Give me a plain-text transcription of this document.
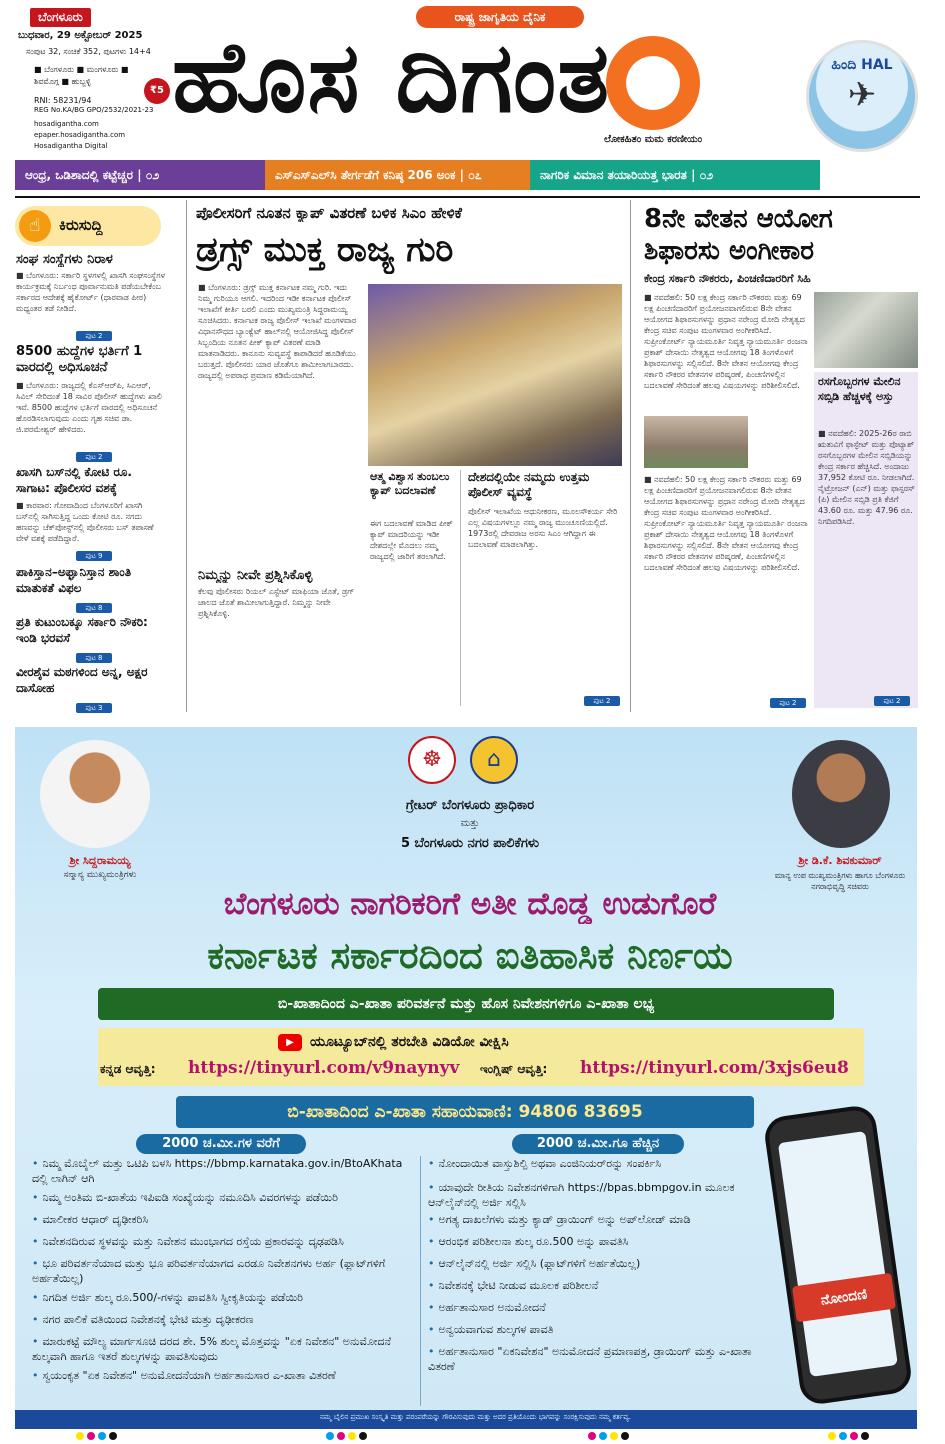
ಬೆಂಗಳೂರು
ಬುಧವಾರ, 29 ಅಕ್ಟೋಬರ್ 2025
ಸಂಪುಟ 32, ಸಂಚಿಕೆ 352, ಪುಟಗಳು 14+4
■ ಬೆಂಗಳೂರು ■ ಮಂಗಳೂರು ■ ಶಿವಮೊಗ್ಗ ■ ಹುಬ್ಬಳ್ಳಿ
₹5
RNI: 58231/94
REG No.KA/BG GPO/2532/2021-23
hosadigantha.com
epaper.hosadigantha.com
Hosadigantha Digital
ರಾಷ್ಟ್ರ ಜಾಗೃತಿಯ ದೈನಿಕ
ಹೊಸ ದಿಗಂತ
ಲೋಕಹಿತಂ ಮಮ ಕರಣೀಯಂ
ಹಿಂದಿ HAL
✈
ಆಂಧ್ರ, ಒಡಿಶಾದಲ್ಲಿ ಕಟ್ಟೆಚ್ಚರ | ೦೨	ಎಸ್ಎಸ್ಎಲ್‌ಸಿ ತೇರ್ಗಡೆಗೆ ಕನಿಷ್ಠ 206 ಅಂಕ | ೦೭	ನಾಗರಿಕ ವಿಮಾನ ತಯಾರಿಯತ್ತ ಭಾರತ | ೦೨
☝	ಕಿರುಸುದ್ದಿ
ಸಂಘ ಸಂಸ್ಥೆಗಳು ನಿರಾಳ
■ ಬೆಂಗಳೂರು: ಸರ್ಕಾರಿ ಸ್ಥಳಗಳಲ್ಲಿ ಖಾಸಗಿ ಸಂಘಸಂಸ್ಥೆಗಳ ಕಾರ್ಯಕ್ರಮಕ್ಕೆ ನಿರ್ಬಂಧ ಪೂರ್ವಾನುಮತಿ ಪಡೆಯಬೇಕೆಂಬ ಸರ್ಕಾರದ ಆದೇಶಕ್ಕೆ ಹೈಕೋರ್ಟ್ (ಧಾರವಾಡ ಪೀಠ) ಮಧ್ಯಂತರ ತಡೆ ನೀಡಿದೆ.
ಪುಟ 2
8500 ಹುದ್ದೆಗಳ ಭರ್ತಿಗೆ 1 ವಾರದಲ್ಲಿ ಅಧಿಸೂಚನೆ
■ ಬೆಂಗಳೂರು: ರಾಜ್ಯದಲ್ಲಿ ಕೆಎಸ್‌ಆರ್‌ಪಿ, ಸಿಎಆರ್, ಸಿವಿಲ್ ಸೇರಿದಂತೆ 18 ಸಾವಿರ ಪೊಲೀಸ್ ಹುದ್ದೆಗಳು ಖಾಲಿ ಇವೆ. 8500 ಹುದ್ದೆಗಳ ಭರ್ತಿಗೆ ವಾರದಲ್ಲಿ ಅಧಿಸೂಚನೆ ಹೊರಡಿಸಲಾಗುವುದು ಎಂದು ಗೃಹ ಸಚಿವ ಡಾ. ಜಿ.ಪರಮೇಶ್ವರ್ ಹೇಳಿದರು.
ಪುಟ 2
ಖಾಸಗಿ ಬಸ್‌ನಲ್ಲಿ ಕೋಟಿ ರೂ. ಸಾಗಾಟ: ಪೊಲೀಸರ ವಶಕ್ಕೆ
■ ಕಾರವಾರ: ಗೋವಾದಿಂದ ಬೆಂಗಳೂರಿಗೆ ಖಾಸಗಿ ಬಸ್‌ನಲ್ಲಿ ಸಾಗಿಸುತ್ತಿದ್ದ ಒಂದು ಕೋಟಿ ರೂ. ನಗದು ಹಣವನ್ನು ಚೆಕ್‌ಪೋಸ್ಟ್‌ನಲ್ಲಿ ಪೊಲೀಸರು ಬಸ್ ತಪಾಸಣೆ ವೇಳೆ ವಶಕ್ಕೆ ಪಡೆದಿದ್ದಾರೆ.
ಪುಟ 9
ಪಾಕಿಸ್ತಾನ–ಅಫ್ಘಾನಿಸ್ತಾನ ಶಾಂತಿ ಮಾತುಕತೆ ವಿಫಲ
ಪುಟ 8
ಪ್ರತಿ ಕುಟುಂಬಕ್ಕೂ ಸರ್ಕಾರಿ ನೌಕರಿ: ಇಂಡಿ ಭರವಸೆ
ಪುಟ 8
ವೀರಶೈವ ಮಠಗಳಿಂದ ಅನ್ನ, ಅಕ್ಷರ ದಾಸೋಹ
ಪುಟ 3
ಪೊಲೀಸರಿಗೆ ನೂತನ ಕ್ಯಾಪ್ ವಿತರಣೆ ಬಳಿಕ ಸಿಎಂ ಹೇಳಿಕೆ
ಡ್ರಗ್ಸ್ ಮುಕ್ತ ರಾಜ್ಯ ಗುರಿ
■ ಬೆಂಗಳೂರು: ಡ್ರಗ್ಸ್ ಮುಕ್ತ ಕರ್ನಾಟಕ ನಮ್ಮ ಗುರಿ. ಇದು ನಿಮ್ಮ ಗುರಿಯೂ ಆಗಲಿ. ಇದರಿಂದ ಇಡೀ ಕರ್ನಾಟಕ ಪೊಲೀಸ್ ಇಲಾಖೆಗೆ ಕೀರ್ತಿ ಬರಲಿ ಎಂದು ಮುಖ್ಯಮಂತ್ರಿ ಸಿದ್ದರಾಮಯ್ಯ ಸೂಚಿಸಿದರು. ಕರ್ನಾಟಕ ರಾಜ್ಯ ಪೊಲೀಸ್ ಇಲಾಖೆ ಮಂಗಳವಾರ ವಿಧಾನಸೌಧದ ಬ್ಯಾಂಕ್ವೆಟ್ ಹಾಲ್‌ನಲ್ಲಿ ಆಯೋಜಿಸಿದ್ದ ಪೊಲೀಸ್ ಸಿಬ್ಬಂದಿಯ ನೂತನ ಪೀಕ್ ಕ್ಯಾಪ್ ವಿತರಣೆ ಮಾಡಿ ಮಾತನಾಡಿದರು. ಕಾನೂನು ಸುವ್ಯವಸ್ಥೆ ಕಾಪಾಡಿದರೆ ಹೂಡಿಕೆಯು ಬರುತ್ತದೆ. ಪೊಲೀಸರು ಯಾರ ಜೊತೆಗೂ ಶಾಮೀಲಾಗಬಾರದು. ರಾಜ್ಯದಲ್ಲಿ ಅಪರಾಧ ಪ್ರಮಾಣ ಕಡಿಮೆಯಾಗಿದೆ.
ಆತ್ಮ ವಿಶ್ವಾಸ ತುಂಬಲು ಕ್ಯಾಪ್ ಬದಲಾವಣೆ
ಈಗ ಬದಲಾವಣೆ ಮಾಡಿದ ಪೀಕ್ ಕ್ಯಾಪ್ ಮಾದರಿಯನ್ನು ಇಡೀ ದೇಶದಲ್ಲೇ ಮೊದಲು ನಮ್ಮ ರಾಜ್ಯದಲ್ಲಿ ಜಾರಿಗೆ ತರಲಾಗಿದೆ.
ದೇಶದಲ್ಲಿಯೇ ನಮ್ಮದು ಉತ್ತಮ ಪೊಲೀಸ್ ವ್ಯವಸ್ಥೆ
ಪೊಲೀಸ್ ಇಲಾಖೆಯ ಆಧುನೀಕರಣ, ಮೂಲಸೌಕರ್ಯ ಸೇರಿ ಎಲ್ಲ ವಿಷಯಗಳಲ್ಲೂ ನಮ್ಮ ರಾಜ್ಯ ಮುಂಚೂಣಿಯಲ್ಲಿದೆ. 1973ರಲ್ಲಿ ದೇವರಾಜ ಅರಸು ಸಿಎಂ ಆಗಿದ್ದಾಗ ಈ ಬದಲಾವಣೆ ಮಾಡಲಾಗಿತ್ತು.
ಪುಟ 2
ನಿಮ್ಮನ್ನು ನೀವೇ ಪ್ರಶ್ನಿಸಿಕೊಳ್ಳಿ
ಕೆಲವು ಪೊಲೀಸರು ರಿಯಲ್ ಎಸ್ಟೇಟ್ ಮಾಫಿಯಾ ಜೊತೆ, ಡ್ರಗ್ ಜಾಲದ ಜೊತೆ ಶಾಮೀಲಾಗುತ್ತಿದ್ದಾರೆ. ನಿಮ್ಮನ್ನು ನೀವೇ ಪ್ರಶ್ನಿಸಿಕೊಳ್ಳಿ.
8ನೇ ವೇತನ ಆಯೋಗ
ಶಿಫಾರಸು ಅಂಗೀಕಾರ
ಕೇಂದ್ರ ಸರ್ಕಾರಿ ನೌಕರರು, ಪಿಂಚಣಿದಾರರಿಗೆ ಸಿಹಿ
■ ನವದೆಹಲಿ: 50 ಲಕ್ಷ ಕೇಂದ್ರ ಸರ್ಕಾರಿ ನೌಕರರು ಮತ್ತು 69 ಲಕ್ಷ ಪಿಂಚಣಿದಾರರಿಗೆ ಪ್ರಯೋಜನವಾಗಲಿರುವ 8ನೇ ವೇತನ ಆಯೋಗದ ಶಿಫಾರಸುಗಳನ್ನು ಪ್ರಧಾನ ನರೇಂದ್ರ ಮೋದಿ ನೇತೃತ್ವದ ಕೇಂದ್ರ ಸಚಿವ ಸಂಪುಟ ಮಂಗಳವಾರ ಅಂಗೀಕರಿಸಿದೆ. ಸುಪ್ರೀಂಕೋರ್ಟ್ ನ್ಯಾಯಮೂರ್ತಿ ನಿವೃತ್ತ ನ್ಯಾಯಮೂರ್ತಿ ರಂಜನಾ ಪ್ರಕಾಶ್ ದೇಸಾಯಿ ನೇತೃತ್ವದ ಆಯೋಗವು 18 ತಿಂಗಳೊಳಗೆ ಶಿಫಾರಸುಗಳನ್ನು ಸಲ್ಲಿಸಲಿದೆ. 8ನೇ ವೇತನ ಆಯೋಗವು ಕೇಂದ್ರ ಸರ್ಕಾರಿ ನೌಕರರ ವೇತನಗಳ ಪರಿಷ್ಕರಣೆ, ಪಿಂಚಣಿಗಳಲ್ಲಿನ ಬದಲಾವಣೆ ಸೇರಿದಂತೆ ಹಲವು ವಿಷಯಗಳನ್ನು ಪರಿಶೀಲಿಸಲಿದೆ.
■ ನವದೆಹಲಿ: 50 ಲಕ್ಷ ಕೇಂದ್ರ ಸರ್ಕಾರಿ ನೌಕರರು ಮತ್ತು 69 ಲಕ್ಷ ಪಿಂಚಣಿದಾರರಿಗೆ ಪ್ರಯೋಜನವಾಗಲಿರುವ 8ನೇ ವೇತನ ಆಯೋಗದ ಶಿಫಾರಸುಗಳನ್ನು ಪ್ರಧಾನ ನರೇಂದ್ರ ಮೋದಿ ನೇತೃತ್ವದ ಕೇಂದ್ರ ಸಚಿವ ಸಂಪುಟ ಮಂಗಳವಾರ ಅಂಗೀಕರಿಸಿದೆ. ಸುಪ್ರೀಂಕೋರ್ಟ್ ನ್ಯಾಯಮೂರ್ತಿ ನಿವೃತ್ತ ನ್ಯಾಯಮೂರ್ತಿ ರಂಜನಾ ಪ್ರಕಾಶ್ ದೇಸಾಯಿ ನೇತೃತ್ವದ ಆಯೋಗವು 18 ತಿಂಗಳೊಳಗೆ ಶಿಫಾರಸುಗಳನ್ನು ಸಲ್ಲಿಸಲಿದೆ. 8ನೇ ವೇತನ ಆಯೋಗವು ಕೇಂದ್ರ ಸರ್ಕಾರಿ ನೌಕರರ ವೇತನಗಳ ಪರಿಷ್ಕರಣೆ, ಪಿಂಚಣಿಗಳಲ್ಲಿನ ಬದಲಾವಣೆ ಸೇರಿದಂತೆ ಹಲವು ವಿಷಯಗಳನ್ನು ಪರಿಶೀಲಿಸಲಿದೆ.
ಪುಟ 2
ರಸಗೊಬ್ಬರಗಳ ಮೇಲಿನ ಸಬ್ಸಿಡಿ ಹೆಚ್ಚಳಕ್ಕೆ ಅಸ್ತು
■ ನವದೆಹಲಿ: 2025-26ರ ರಾಬಿ ಋತುವಿಗೆ ಫಾಸ್ಫೇಟ್ ಮತ್ತು ಪೊಟ್ಯಾಶ್ ರಸಗೊಬ್ಬರಗಳ ಮೇಲಿನ ಸಬ್ಸಿಡಿಯನ್ನು ಕೇಂದ್ರ ಸರ್ಕಾರ ಹೆಚ್ಚಿಸಿದೆ. ಅಂದಾಜು 37,952 ಕೋಟಿ ರೂ. ನೀಡಲಾಗಿದೆ. ನೈಟ್ರೋಜನ್ (ಎನ್) ಮತ್ತು ಫಾಸ್ಫರಸ್ (ಪಿ) ಮೇಲಿನ ಸಬ್ಸಿಡಿ ಪ್ರತಿ ಕೆಜಿಗೆ 43.60 ರೂ. ಮತ್ತು 47.96 ರೂ. ನಿಗದಿಪಡಿಸಿದೆ.
ಪುಟ 2
☸	⌂
ಗ್ರೇಟರ್ ಬೆಂಗಳೂರು ಪ್ರಾಧಿಕಾರ
ಮತ್ತು
5 ಬೆಂಗಳೂರು ನಗರ ಪಾಲಿಕೆಗಳು
ಶ್ರೀ ಸಿದ್ದರಾಮಯ್ಯ
ಸನ್ಮಾನ್ಯ ಮುಖ್ಯಮಂತ್ರಿಗಳು
ಶ್ರೀ ಡಿ.ಕೆ. ಶಿವಕುಮಾರ್
ಮಾನ್ಯ ಉಪ ಮುಖ್ಯಮಂತ್ರಿಗಳು ಹಾಗೂ ಬೆಂಗಳೂರು ನಗರಾಭಿವೃದ್ಧಿ ಸಚಿವರು
ಬೆಂಗಳೂರು ನಾಗರಿಕರಿಗೆ ಅತೀ ದೊಡ್ಡ ಉಡುಗೊರೆ
ಕರ್ನಾಟಕ ಸರ್ಕಾರದಿಂದ ಐತಿಹಾಸಿಕ ನಿರ್ಣಯ
ಬಿ-ಖಾತಾದಿಂದ ಎ-ಖಾತಾ ಪರಿವರ್ತನೆ ಮತ್ತು ಹೊಸ ನಿವೇಶನಗಳಿಗೂ ಎ-ಖಾತಾ ಲಭ್ಯ
▶	ಯೂಟ್ಯೂಬ್‌ನಲ್ಲಿ ತರಬೇತಿ ವಿಡಿಯೋ ವೀಕ್ಷಿಸಿ
ಕನ್ನಡ ಆವೃತ್ತಿ: https://tinyurl.com/v9naynyv ಇಂಗ್ಲಿಷ್ ಆವೃತ್ತಿ: https://tinyurl.com/3xjs6eu8
ಬಿ-ಖಾತಾದಿಂದ ಎ-ಖಾತಾ ಸಹಾಯವಾಣಿ: 94806 83695
2000 ಚ.ಮೀ.ಗಳ ವರೆಗೆ	2000 ಚ.ಮೀ.ಗೂ ಹೆಚ್ಚಿನ
• ನಿಮ್ಮ ಮೊಬೈಲ್ ಮತ್ತು ಒಟಿಪಿ ಬಳಸಿ https://bbmp.karnataka.gov.in/BtoAKhata ದಲ್ಲಿ ಲಾಗಿನ್ ಆಗಿ
• ನಿಮ್ಮ ಅಂತಿಮ ಬಿ-ಖಾತೆಯ ಇಪಿಐಡಿ ಸಂಖ್ಯೆಯನ್ನು ನಮೂದಿಸಿ ವಿವರಗಳನ್ನು ಪಡೆಯಿರಿ
• ಮಾಲೀಕರ ಆಧಾರ್ ದೃಢೀಕರಿಸಿ
• ನಿವೇಶನದಿರುವ ಸ್ಥಳವನ್ನು ಮತ್ತು ನಿವೇಶನ ಮುಂಭಾಗದ ರಸ್ತೆಯ ಪ್ರಕಾರವನ್ನು ದೃಢಪಡಿಸಿ
• ಭೂ ಪರಿವರ್ತನೆಯಾದ ಮತ್ತು ಭೂ ಪರಿವರ್ತನೆಯಾಗದ ಎರಡೂ ನಿವೇಶನಗಳು ಅರ್ಹ (ಫ್ಲಾಟ್‌ಗಳಿಗೆ ಅರ್ಹತೆಯಿಲ್ಲ)
• ನಿಗದಿತ ಅರ್ಜಿ ಶುಲ್ಕ ರೂ.500/-ಗಳನ್ನು ಪಾವತಿಸಿ ಸ್ವೀಕೃತಿಯನ್ನು ಪಡೆಯಿರಿ
• ನಗರ ಪಾಲಿಕೆ ವತಿಯಿಂದ ನಿವೇಶನಕ್ಕೆ ಭೇಟಿ ಮತ್ತು ದೃಢೀಕರಣ
• ಮಾರುಕಟ್ಟೆ ಮೌಲ್ಯ ಮಾರ್ಗಸೂಚಿ ದರದ ಶೇ. 5% ಶುಲ್ಕ ಮೊತ್ತವನ್ನು "ಏಕ ನಿವೇಶನ" ಅನುಮೋದನೆ ಶುಲ್ಕವಾಗಿ ಹಾಗೂ ಇತರೆ ಶುಲ್ಕಗಳನ್ನು ಪಾವತಿಸುವುದು
• ಸ್ವಯಂಕೃತ "ಏಕ ನಿವೇಶನ" ಅನುಮೋದನೆಯಾಗಿ ಅರ್ಹತಾನುಸಾರ ಎ-ಖಾತಾ ವಿತರಣೆ
• ನೋಂದಾಯಿತ ವಾಸ್ತುಶಿಲ್ಪಿ ಅಥವಾ ಎಂಜಿನಿಯರ್‌ರನ್ನು ಸಂಪರ್ಕಿಸಿ
• ಯಾವುದೇ ರೀತಿಯ ನಿವೇಶನಗಳಿಗಾಗಿ https://bpas.bbmpgov.in ಮೂಲಕ ಆನ್‌ಲೈನ್‌ನಲ್ಲಿ ಅರ್ಜಿ ಸಲ್ಲಿಸಿ
• ಅಗತ್ಯ ದಾಖಲೆಗಳು ಮತ್ತು ಕ್ಯಾಡ್ ಡ್ರಾಯಿಂಗ್ ಅನ್ನು ಅಪ್‌ಲೋಡ್ ಮಾಡಿ
• ಆರಂಭಿಕ ಪರಿಶೀಲನಾ ಶುಲ್ಕ ರೂ.500 ಅನ್ನು ಪಾವತಿಸಿ
• ಆನ್‌ಲೈನ್‌ನಲ್ಲಿ ಅರ್ಜಿ ಸಲ್ಲಿಸಿ (ಫ್ಲಾಟ್‌ಗಳಿಗೆ ಅರ್ಹತೆಯಿಲ್ಲ)
• ನಿವೇಶನಕ್ಕೆ ಭೇಟಿ ನೀಡುವ ಮೂಲಕ ಪರಿಶೀಲನೆ
• ಅರ್ಹತಾನುಸಾರ ಅನುಮೋದನೆ
• ಅನ್ವಯವಾಗುವ ಶುಲ್ಕಗಳ ಪಾವತಿ
• ಅರ್ಹತಾನುಸಾರ "ಏಕನಿವೇಶನ" ಅನುಮೋದನೆ ಪ್ರಮಾಣಪತ್ರ, ಡ್ರಾಯಿಂಗ್ ಮತ್ತು ಎ-ಖಾತಾ ವಿತರಣೆ
ನೋಂದಣಿ
ನಮ್ಮ ಬೈಲಿನ ಪ್ರಮುಖ ಸಂಸ್ಕೃತಿ ಮತ್ತು ಪರಂಪರೆಯನ್ನು ಗೌರವಿಸುವುದು ಮತ್ತು ಅದರ ಪ್ರತಿಯೊಂದು ಭಾಗವನ್ನು ಸಂರಕ್ಷಿಸುವುದು ನಮ್ಮ ಕರ್ತವ್ಯ.
